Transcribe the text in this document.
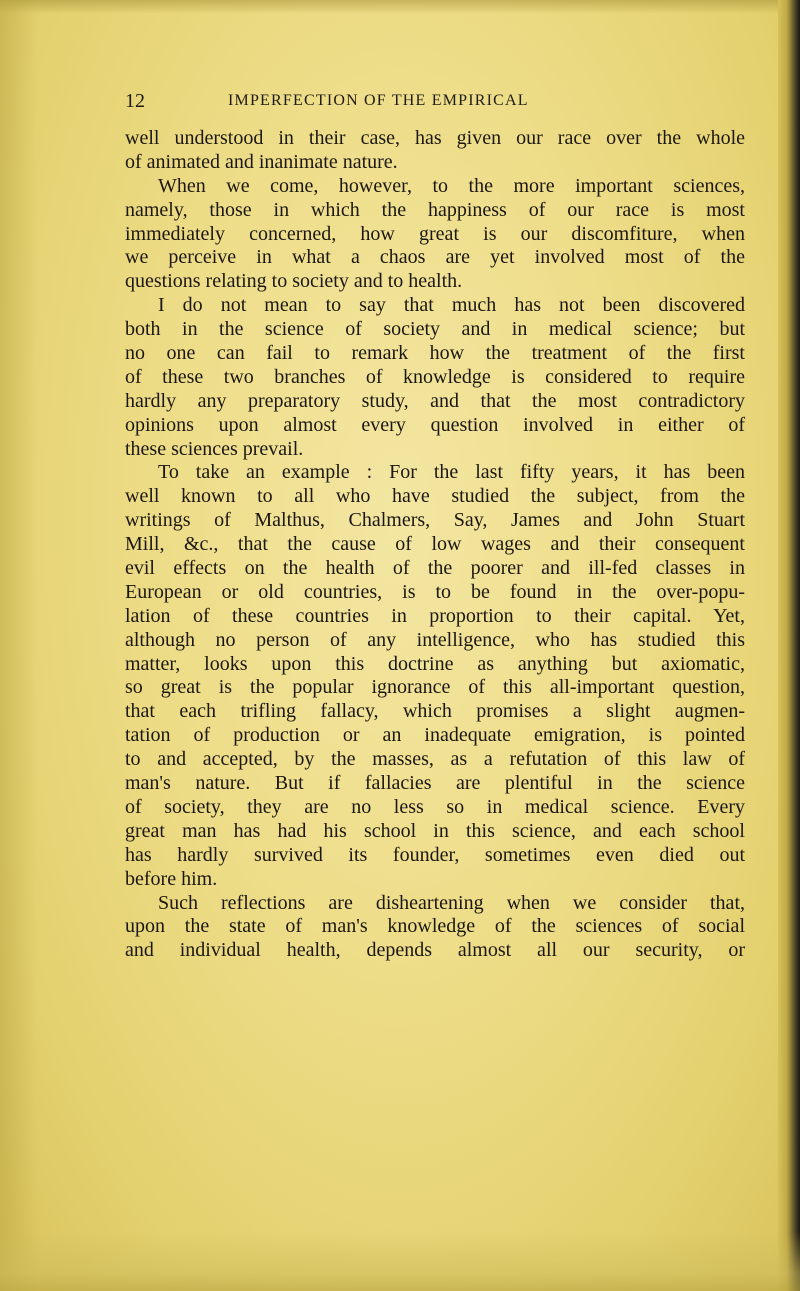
12	IMPERFECTION OF THE EMPIRICAL
well understood in their case, has given our race over the whole
of animated and inanimate nature.
When we come, however, to the more important sciences,
namely, those in which the happiness of our race is most
immediately concerned, how great is our discomfiture, when
we perceive in what a chaos are yet involved most of the
questions relating to society and to health.
I do not mean to say that much has not been discovered
both in the science of society and in medical science; but
no one can fail to remark how the treatment of the first
of these two branches of knowledge is considered to require
hardly any preparatory study, and that the most contradictory
opinions upon almost every question involved in either of
these sciences prevail.
To take an example : For the last fifty years, it has been
well known to all who have studied the subject, from the
writings of Malthus, Chalmers, Say, James and John Stuart
Mill, &c., that the cause of low wages and their consequent
evil effects on the health of the poorer and ill-fed classes in
European or old countries, is to be found in the over-popu-
lation of these countries in proportion to their capital. Yet,
although no person of any intelligence, who has studied this
matter, looks upon this doctrine as anything but axiomatic,
so great is the popular ignorance of this all-important question,
that each trifling fallacy, which promises a slight augmen-
tation of production or an inadequate emigration, is pointed
to and accepted, by the masses, as a refutation of this law of
man's nature. But if fallacies are plentiful in the science
of society, they are no less so in medical science. Every
great man has had his school in this science, and each school
has hardly survived its founder, sometimes even died out
before him.
Such reflections are disheartening when we consider that,
upon the state of man's knowledge of the sciences of social
and individual health, depends almost all our security, or
